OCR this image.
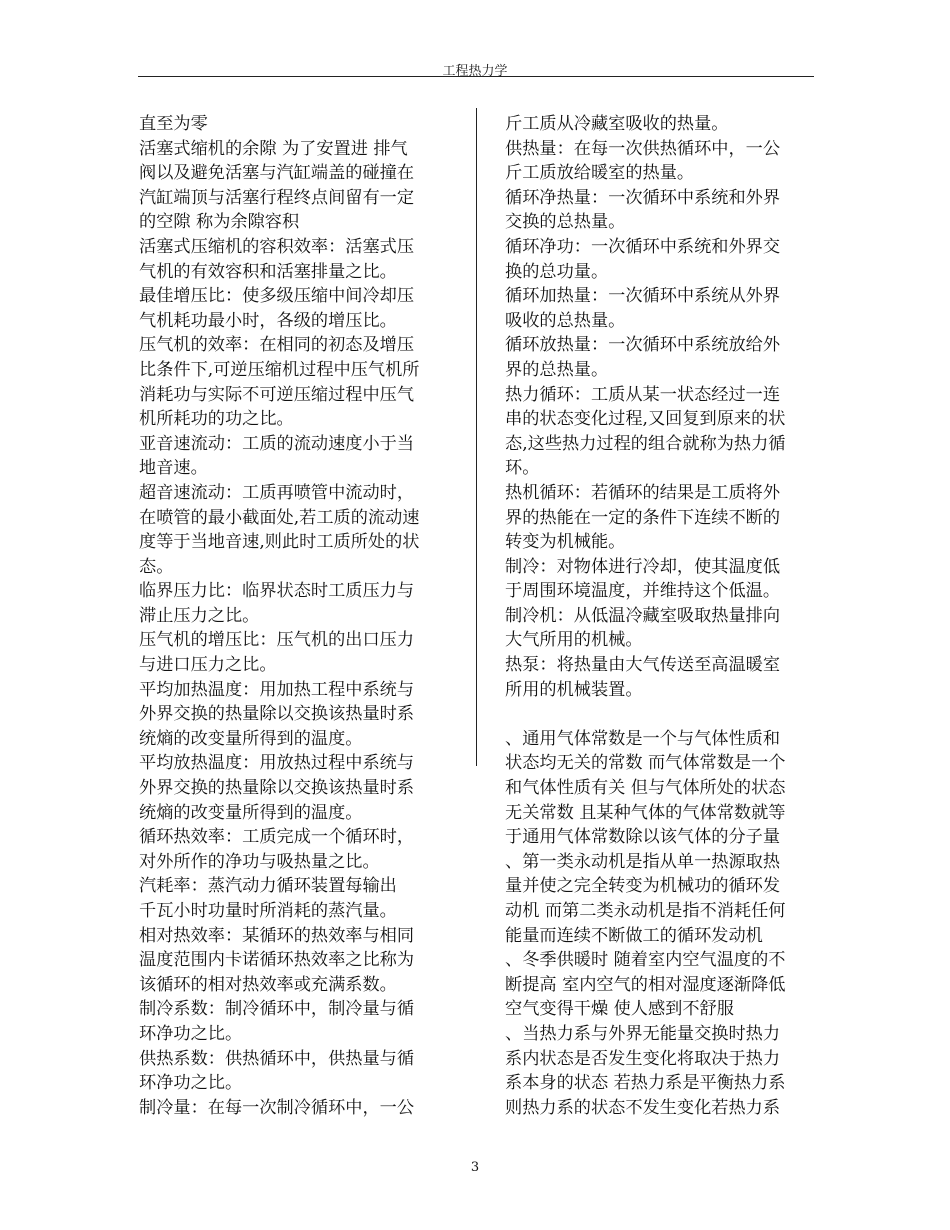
工程热力学
直至为零
活塞式缩机的余隙 为了安置进 排气
阀以及避免活塞与汽缸端盖的碰撞在
汽缸端顶与活塞行程终点间留有一定
的空隙 称为余隙容积
活塞式压缩机的容积效率：活塞式压
气机的有效容积和活塞排量之比。
最佳增压比：使多级压缩中间冷却压
气机耗功最小时，各级的增压比。
压气机的效率：在相同的初态及增压
比条件下,可逆压缩机过程中压气机所
消耗功与实际不可逆压缩过程中压气
机所耗功的功之比。
亚音速流动：工质的流动速度小于当
地音速。
超音速流动：工质再喷管中流动时，
在喷管的最小截面处,若工质的流动速
度等于当地音速,则此时工质所处的状
态。
临界压力比：临界状态时工质压力与
滞止压力之比。
压气机的增压比：压气机的出口压力
与进口压力之比。
平均加热温度：用加热工程中系统与
外界交换的热量除以交换该热量时系
统熵的改变量所得到的温度。
平均放热温度：用放热过程中系统与
外界交换的热量除以交换该热量时系
统熵的改变量所得到的温度。
循环热效率：工质完成一个循环时，
对外所作的净功与吸热量之比。
汽耗率：蒸汽动力循环装置每输出
千瓦小时功量时所消耗的蒸汽量。
相对热效率：某循环的热效率与相同
温度范围内卡诺循环热效率之比称为
该循环的相对热效率或充满系数。
制冷系数：制冷循环中，制冷量与循
环净功之比。
供热系数：供热循环中，供热量与循
环净功之比。
制冷量：在每一次制冷循环中，一公
斤工质从冷藏室吸收的热量。
供热量：在每一次供热循环中，一公
斤工质放给暖室的热量。
循环净热量：一次循环中系统和外界
交换的总热量。
循环净功：一次循环中系统和外界交
换的总功量。
循环加热量：一次循环中系统从外界
吸收的总热量。
循环放热量：一次循环中系统放给外
界的总热量。
热力循环：工质从某一状态经过一连
串的状态变化过程,又回复到原来的状
态,这些热力过程的组合就称为热力循
环。
热机循环：若循环的结果是工质将外
界的热能在一定的条件下连续不断的
转变为机械能。
制冷：对物体进行冷却，使其温度低
于周围环境温度，并维持这个低温。
制冷机：从低温冷藏室吸取热量排向
大气所用的机械。
热泵：将热量由大气传送至高温暖室
所用的机械装置。
、通用气体常数是一个与气体性质和
状态均无关的常数 而气体常数是一个
和气体性质有关 但与气体所处的状态
无关常数 且某种气体的气体常数就等
于通用气体常数除以该气体的分子量
、第一类永动机是指从单一热源取热
量并使之完全转变为机械功的循环发
动机 而第二类永动机是指不消耗任何
能量而连续不断做工的循环发动机
、冬季供暖时 随着室内空气温度的不
断提高 室内空气的相对湿度逐渐降低
空气变得干燥 使人感到不舒服
、当热力系与外界无能量交换时热力
系内状态是否发生变化将取决于热力
系本身的状态 若热力系是平衡热力系
则热力系的状态不发生变化若热力系
3
